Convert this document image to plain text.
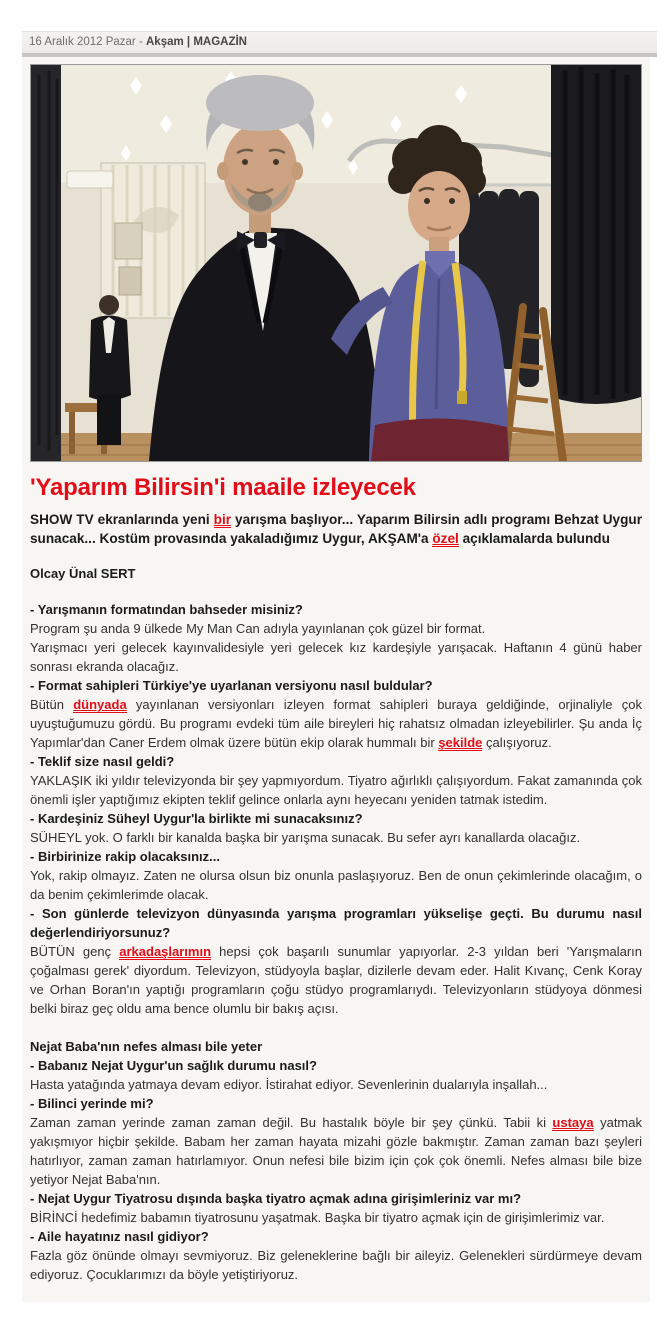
16 Aralık 2012 Pazar - Akşam | MAGAZİN
'Yaparım Bilirsin'i maaile izleyecek
SHOW TV ekranlarında yeni bir yarışma başlıyor... Yaparım Bilirsin adlı programı Behzat Uygur sunacak... Kostüm provasında yakaladığımız Uygur, AKŞAM'a özel açıklamalarda bulundu
Olcay Ünal SERT

- Yarışmanın formatından bahseder misiniz?

Program şu anda 9 ülkede My Man Can adıyla yayınlanan çok güzel bir format.

Yarışmacı yeri gelecek kayınvalidesiyle yeri gelecek kız kardeşiyle yarışacak. Haftanın 4 günü haber sonrası ekranda olacağız.

- Format sahipleri Türkiye'ye uyarlanan versiyonu nasıl buldular?

Bütün dünyada yayınlanan versiyonları izleyen format sahipleri buraya geldiğinde, orjinaliyle çok uyuştuğumuzu gördü. Bu programı evdeki tüm aile bireyleri hiç rahatsız olmadan izleyebilirler. Şu anda İç Yapımlar'dan Caner Erdem olmak üzere bütün ekip olarak hummalı bir şekilde çalışıyoruz.

- Teklif size nasıl geldi?

YAKLAŞIK iki yıldır televizyonda bir şey yapmıyordum. Tiyatro ağırlıklı çalışıyordum. Fakat zamanında çok önemli işler yaptığımız ekipten teklif gelince onlarla aynı heyecanı yeniden tatmak istedim.

- Kardeşiniz Süheyl Uygur'la birlikte mi sunacaksınız?

SÜHEYL yok. O farklı bir kanalda başka bir yarışma sunacak. Bu sefer ayrı kanallarda olacağız.

- Birbirinize rakip olacaksınız...

Yok, rakip olmayız. Zaten ne olursa olsun biz onunla paslaşıyoruz. Ben de onun çekimlerinde olacağım, o da benim çekimlerimde olacak.

- Son günlerde televizyon dünyasında yarışma programları yükselişe geçti. Bu durumu nasıl değerlendiriyorsunuz?

BÜTÜN genç arkadaşlarımın hepsi çok başarılı sunumlar yapıyorlar. 2-3 yıldan beri 'Yarışmaların çoğalması gerek' diyordum. Televizyon, stüdyoyla başlar, dizilerle devam eder. Halit Kıvanç, Cenk Koray ve Orhan Boran'ın yaptığı programların çoğu stüdyo programlarıydı. Televizyonların stüdyoya dönmesi belki biraz geç oldu ama bence olumlu bir bakış açısı.

Nejat Baba'nın nefes alması bile yeter

- Babanız Nejat Uygur'un sağlık durumu nasıl?

Hasta yatağında yatmaya devam ediyor. İstirahat ediyor. Sevenlerinin dualarıyla inşallah...

- Bilinci yerinde mi?

Zaman zaman yerinde zaman zaman değil. Bu hastalık böyle bir şey çünkü. Tabii ki ustaya yatmak yakışmıyor hiçbir şekilde. Babam her zaman hayata mizahi gözle bakmıştır. Zaman zaman bazı şeyleri hatırlıyor, zaman zaman hatırlamıyor. Onun nefesi bile bizim için çok çok önemli. Nefes alması bile bize yetiyor Nejat Baba'nın.

- Nejat Uygur Tiyatrosu dışında başka tiyatro açmak adına girişimleriniz var mı?

BİRİNCİ hedefimiz babamın tiyatrosunu yaşatmak. Başka bir tiyatro açmak için de girişimlerimiz var.

- Aile hayatınız nasıl gidiyor?

Fazla göz önünde olmayı sevmiyoruz. Biz geleneklerine bağlı bir aileyiz. Gelenekleri sürdürmeye devam ediyoruz. Çocuklarımızı da böyle yetiştiriyoruz.
